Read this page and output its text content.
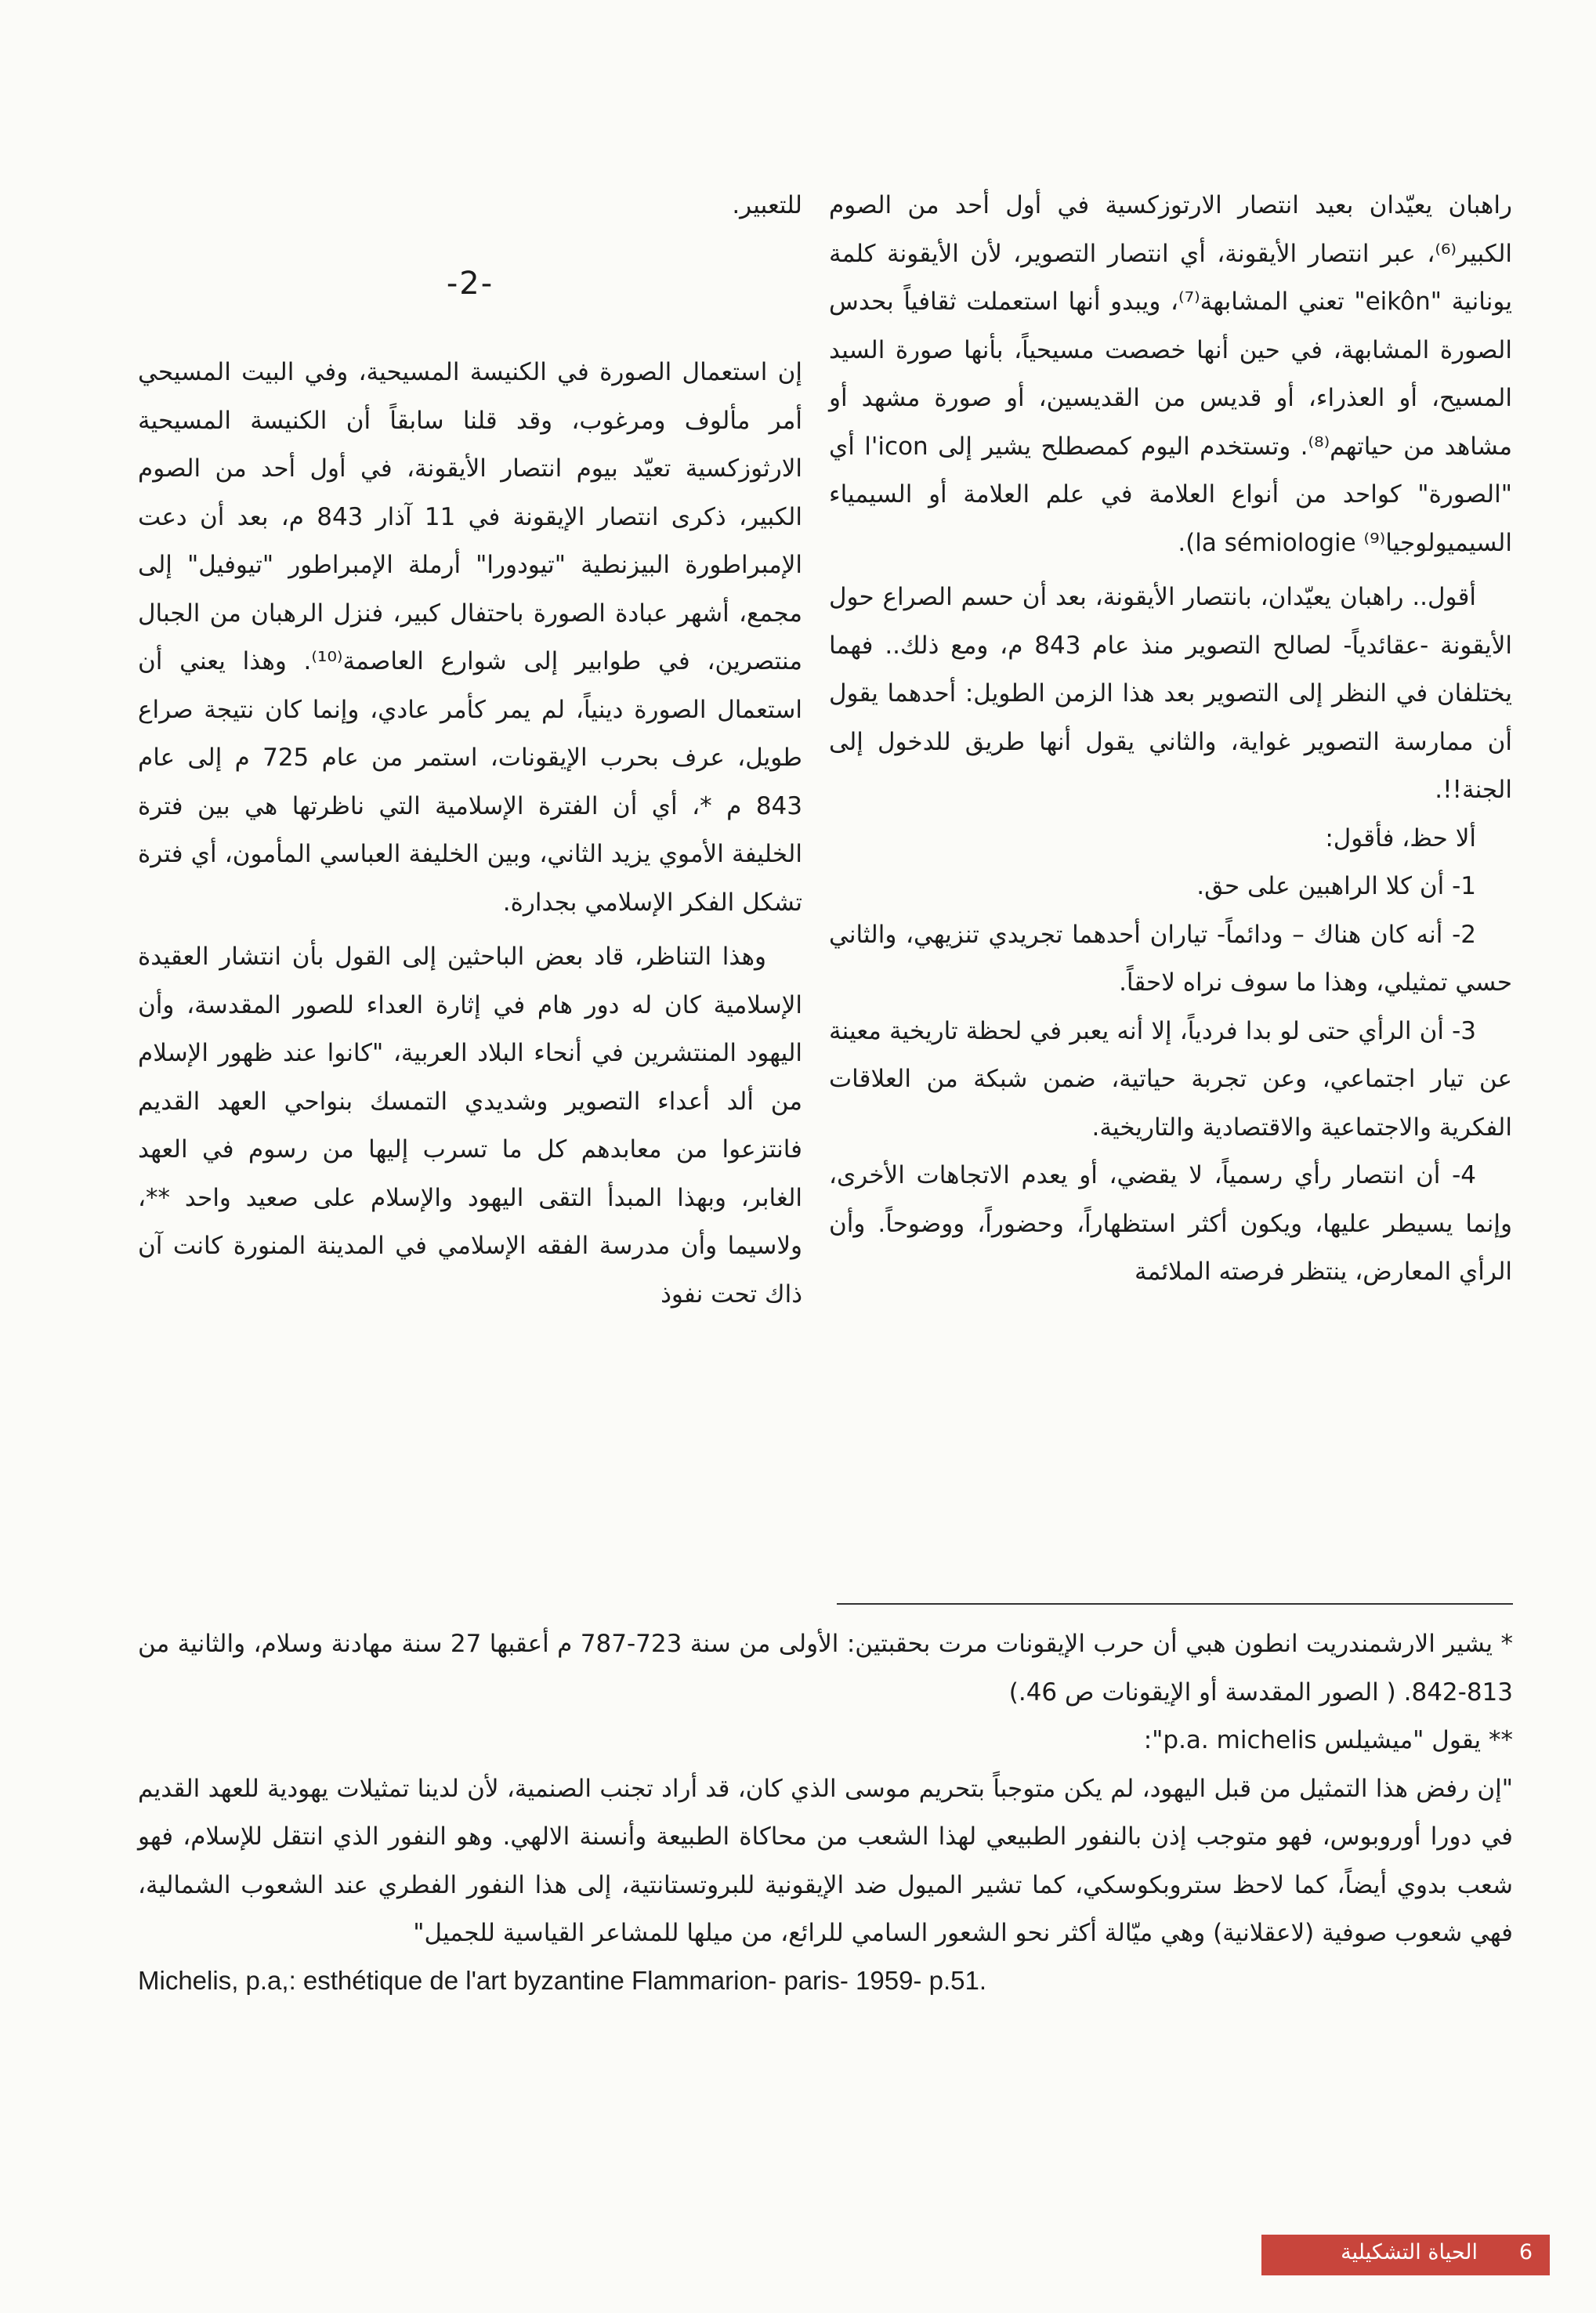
راهبان يعيّدان بعيد انتصار الارتوزكسية في أول أحد من الصوم الكبير⁽⁶⁾، عبر انتصار الأيقونة، أي انتصار التصوير، لأن الأيقونة كلمة يونانية "eikôn" تعني المشابهة⁽⁷⁾، ويبدو أنها استعملت ثقافياً بحدس الصورة المشابهة، في حين أنها خصصت مسيحياً، بأنها صورة السيد المسيح، أو العذراء، أو قديس من القديسين، أو صورة مشهد أو مشاهد من حياتهم⁽⁸⁾. وتستخدم اليوم كمصطلح يشير إلى l'icon أي "الصورة" كواحد من أنواع العلامة في علم العلامة أو السيمياء السيميولوجيا⁽⁹⁾ la sémiologie).

أقول.. راهبان يعيّدان، بانتصار الأيقونة، بعد أن حسم الصراع حول الأيقونة -عقائدياً- لصالح التصوير منذ عام 843 م، ومع ذلك.. فهما يختلفان في النظر إلى التصوير بعد هذا الزمن الطويل: أحدهما يقول أن ممارسة التصوير غواية، والثاني يقول أنها طريق للدخول إلى الجنة!!.

ألا حظ، فأقول:

1- أن كلا الراهبين على حق.

2- أنه كان هناك – ودائماً- تياران أحدهما تجريدي تنزيهي، والثاني حسي تمثيلي، وهذا ما سوف نراه لاحقاً.

3- أن الرأي حتى لو بدا فردياً، إلا أنه يعبر في لحظة تاريخية معينة عن تيار اجتماعي، وعن تجربة حياتية، ضمن شبكة من العلاقات الفكرية والاجتماعية والاقتصادية والتاريخية.

4- أن انتصار رأي رسمياً، لا يقضي، أو يعدم الاتجاهات الأخرى، وإنما يسيطر عليها، ويكون أكثر استظهاراً، وحضوراً، ووضوحاً. وأن الرأي المعارض، ينتظر فرصته الملائمة

للتعبير.

-2-

إن استعمال الصورة في الكنيسة المسيحية، وفي البيت المسيحي أمر مألوف ومرغوب، وقد قلنا سابقاً أن الكنيسة المسيحية الارثوزكسية تعيّد بيوم انتصار الأيقونة، في أول أحد من الصوم الكبير، ذكرى انتصار الإيقونة في 11 آذار 843 م، بعد أن دعت الإمبراطورة البيزنطية "تيودورا" أرملة الإمبراطور "تيوفيل" إلى مجمع، أشهر عبادة الصورة باحتفال كبير، فنزل الرهبان من الجبال منتصرين، في طوابير إلى شوارع العاصمة⁽¹⁰⁾. وهذا يعني أن استعمال الصورة دينياً، لم يمر كأمر عادي، وإنما كان نتيجة صراع طويل، عرف بحرب الإيقونات، استمر من عام 725 م إلى عام 843 م *، أي أن الفترة الإسلامية التي ناظرتها هي بين فترة الخليفة الأموي يزيد الثاني، وبين الخليفة العباسي المأمون، أي فترة تشكل الفكر الإسلامي بجدارة.

وهذا التناظر، قاد بعض الباحثين إلى القول بأن انتشار العقيدة الإسلامية كان له دور هام في إثارة العداء للصور المقدسة، وأن اليهود المنتشرين في أنحاء البلاد العربية، "كانوا عند ظهور الإسلام من ألد أعداء التصوير وشديدي التمسك بنواحي العهد القديم فانتزعوا من معابدهم كل ما تسرب إليها من رسوم في العهد الغابر، وبهذا المبدأ التقى اليهود والإسلام على صعيد واحد **، ولاسيما وأن مدرسة الفقه الإسلامي في المدينة المنورة كانت آن ذاك تحت نفوذ

* يشير الارشمندريت انطون هبي أن حرب الإيقونات مرت بحقبتين: الأولى من سنة 723-787 م أعقبها 27 سنة مهادنة وسلام، والثانية من 813-842. ( الصور المقدسة أو الإيقونات ص 46.)

** يقول "ميشيلس p.a. michelis":

"إن رفض هذا التمثيل من قبل اليهود، لم يكن متوجباً بتحريم موسى الذي كان، قد أراد تجنب الصنمية، لأن لدينا تمثيلات يهودية للعهد القديم في دورا أوروبوس، فهو متوجب إذن بالنفور الطبيعي لهذا الشعب من محاكاة الطبيعة وأنسنة الالهي. وهو النفور الذي انتقل للإسلام، فهو شعب بدوي أيضاً، كما لاحظ ستروبكوسكي، كما تشير الميول ضد الإيقونية للبروتستانتية، إلى هذا النفور الفطري عند الشعوب الشمالية، فهي شعوب صوفية (لاعقلانية) وهي ميّالة أكثر نحو الشعور السامي للرائع، من ميلها للمشاعر القياسية للجميل"

Michelis, p.a,: esthétique de l'art byzantine Flammarion- paris- 1959- p.51.

6
الحياة التشكيلية
